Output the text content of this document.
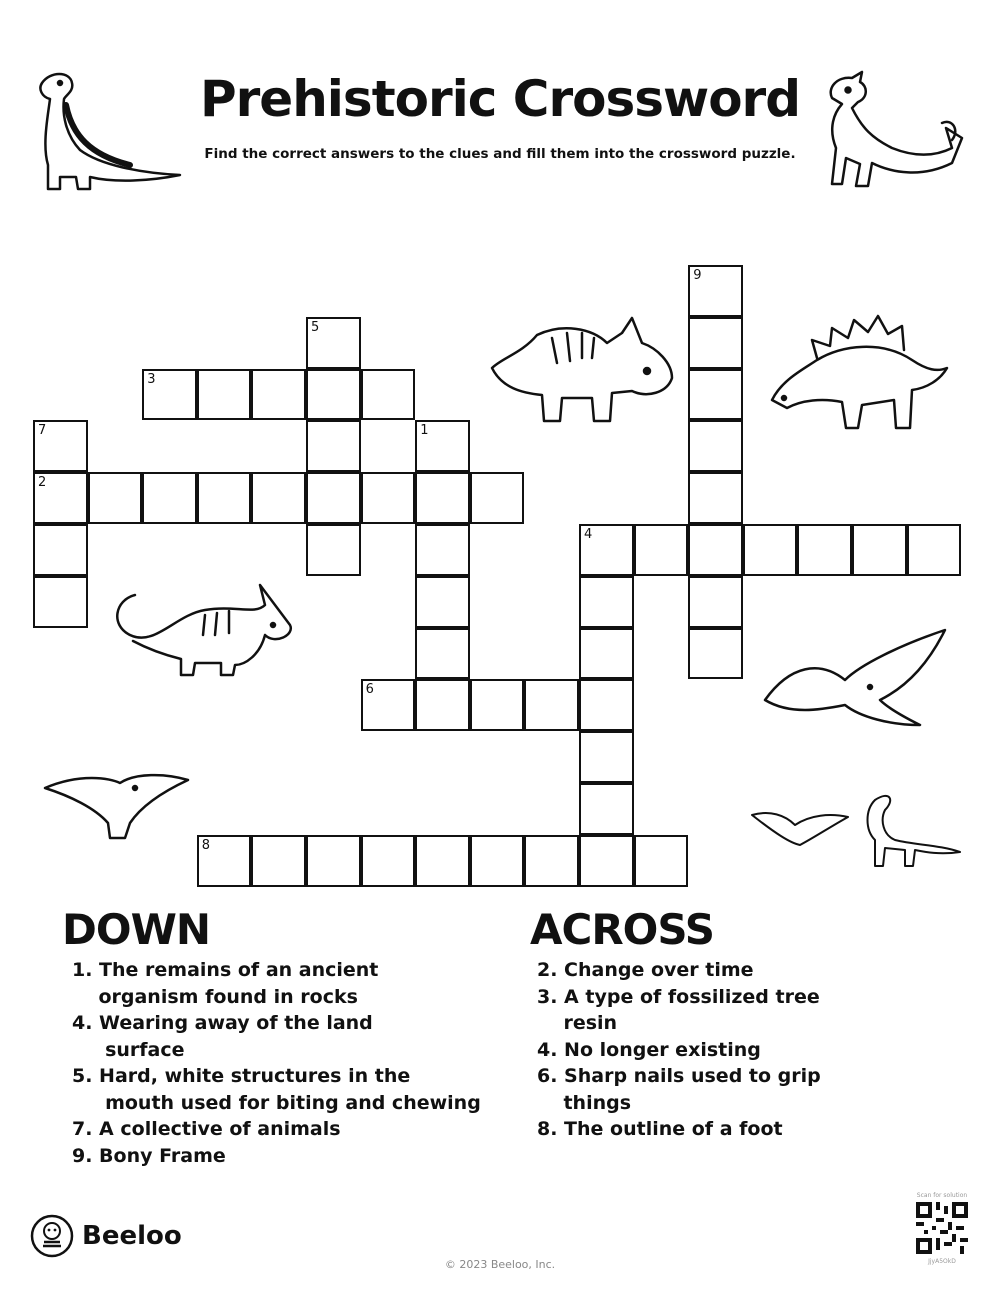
Prehistoric Crossword
Find the correct answers to the clues and fill them into the crossword puzzle.
1
2
3
4
5
6
7
8
9
DOWN
1. The remains of an ancient
organism found in rocks
4. Wearing away of the land
surface
5. Hard, white structures in the
mouth used for biting and chewing
7. A collective of animals
9. Bony Frame
ACROSS
2. Change over time
3. A type of fossilized tree
resin
4. No longer existing
6. Sharp nails used to grip
things
8. The outline of a foot
Beeloo
© 2023 Beeloo, Inc.
Scan for solution
JjyA5OkD
